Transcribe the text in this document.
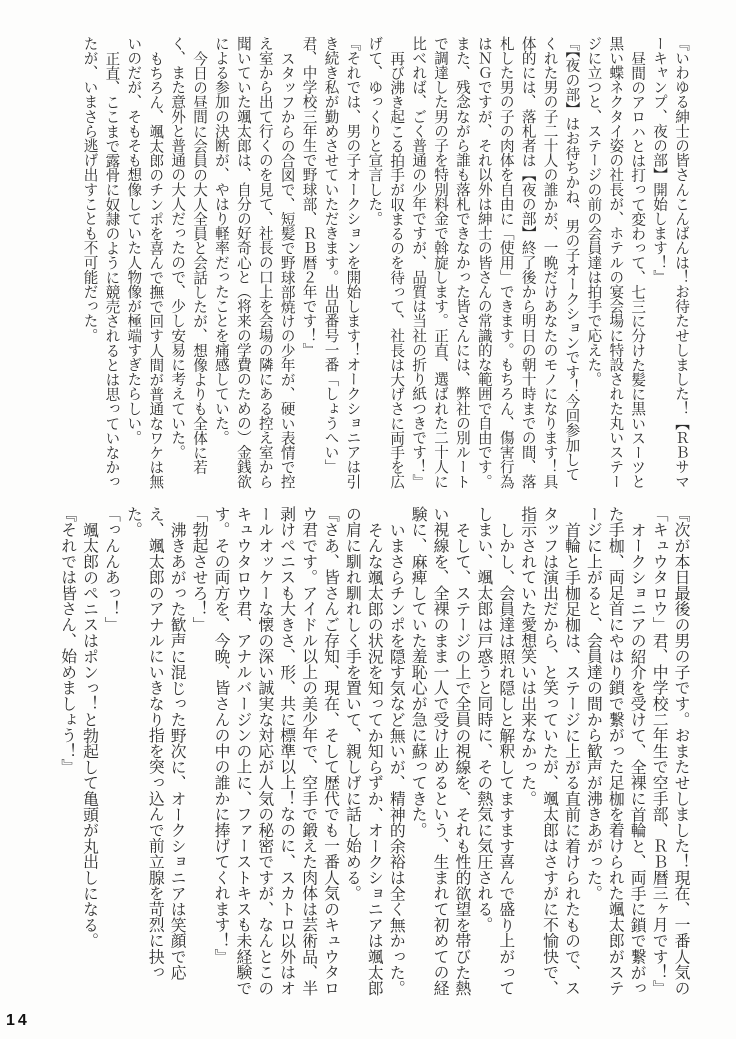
『いわゆる紳士の皆さんこんばんは！お待たせしました！【ＲＢサマーキャンプ、夜の部】開始します！』

昼間のアロハとは打って変わって、七三に分けた髪に黒いスーツと黒い蝶ネクタイ姿の社長が、ホテルの宴会場に特設された丸いステージに立つと、ステージの前の会員達は拍手で応えた。

『【夜の部】はお待ちかね、男の子オークションです！今回参加してくれた男の子二十人の誰かが、一晩だけあなたのモノになります！具体的には、落札者は【夜の部】終了後から明日の朝十時までの間、落札した男の子の肉体を自由に「使用」できます。もちろん、傷害行為はＮＧですが、それ以外は紳士の皆さんの常識的な範囲で自由です。また、残念ながら誰も落札できなかった皆さんには、弊社の別ルートで調達した男の子を特別料金で斡旋します。正直、選ばれた二十人に比べれば、ごく普通の少年ですが、品質は当社の折り紙つきです！』

再び沸き起こる拍手が収まるのを待って、社長は大げさに両手を広げて、ゆっくりと宣言した。

『それでは、男の子オークションを開始します！オークショニアは引き続き私が勤めさせていただきます。出品番号一番「しょうへい」君、中学校三年生で野球部、ＲＢ暦２年です！』

スタッフからの合図で、短髪で野球部焼けの少年が、硬い表情で控え室から出て行くのを見て、社長の口上を会場の隣にある控え室から聞いていた颯太郎は、自分の好奇心と（将来の学費のための）金銭欲による参加の決断が、やはり軽率だったことを痛感していた。

今日の昼間に会員の大人全員と会話したが、想像よりも全体に若く、また意外と普通の大人だったので、少し安易に考えていた。

もちろん、颯太郎のチンポを喜んで撫で回す人間が普通なワケは無いのだが、そもそも想像していた人物像が極端すぎたらしい。

正直、ここまで露骨に奴隷のように競売されるとは思っていなかったが、いまさら逃げ出すことも不可能だった。

『次が本日最後の男の子です。おまたせしました！現在、一番人気の「キュウタロウ」君、中学校二年生で空手部、ＲＢ暦三ヶ月です！』

オークショニアの紹介を受けて、全裸に首輪と、両手に鎖で繋がった手枷、両足首にやはり鎖で繋がった足枷を着けられた颯太郎がステージに上がると、会員達の間から歓声が沸きあがった。

首輪と手枷足枷は、ステージに上がる直前に着けられたもので、スタッフは演出だから、と笑っていたが、颯太郎はさすがに不愉快で、指示されていた愛想笑いは出来なかった。

しかし、会員達は照れ隠しと解釈してますます喜んで盛り上がってしまい、颯太郎は戸惑うと同時に、その熱気に気圧される。

そして、ステージの上で全員の視線を、それも性的欲望を帯びた熱い視線を、全裸のまま一人で受け止めるという、生まれて初めての経験に、麻痺していた羞恥心が急に蘇ってきた。

いまさらチンポを隠す気など無いが、精神的余裕は全く無かった。

そんな颯太郎の状況を知ってか知らずか、オークショニアは颯太郎の肩に馴れ馴れしく手を置いて、親しげに話し始める。

『さあ、皆さんご存知、現在、そして歴代でも一番人気のキュウタロウ君です。アイドル以上の美少年で、空手で鍛えた肉体は芸術品、半剥けペニスも大きさ、形、共に標準以上！なのに、スカトロ以外はオールオッケーな懐の深い誠実な対応が人気の秘密ですが、なんとこのキュウタロウ君、アナルバージンの上に、ファーストキスも未経験です。その両方を、今晩、皆さんの中の誰かに捧げてくれます！』

「勃起させろ！」

沸きあがった歓声に混じった野次に、オークショニアは笑顔で応え、颯太郎のアナルにいきなり指を突っ込んで前立腺を苛烈に抉った。

「っんんあっ！」

颯太郎のペニスはポンっ！と勃起して亀頭が丸出しになる。

『それでは皆さん、始めましょう！』

14
